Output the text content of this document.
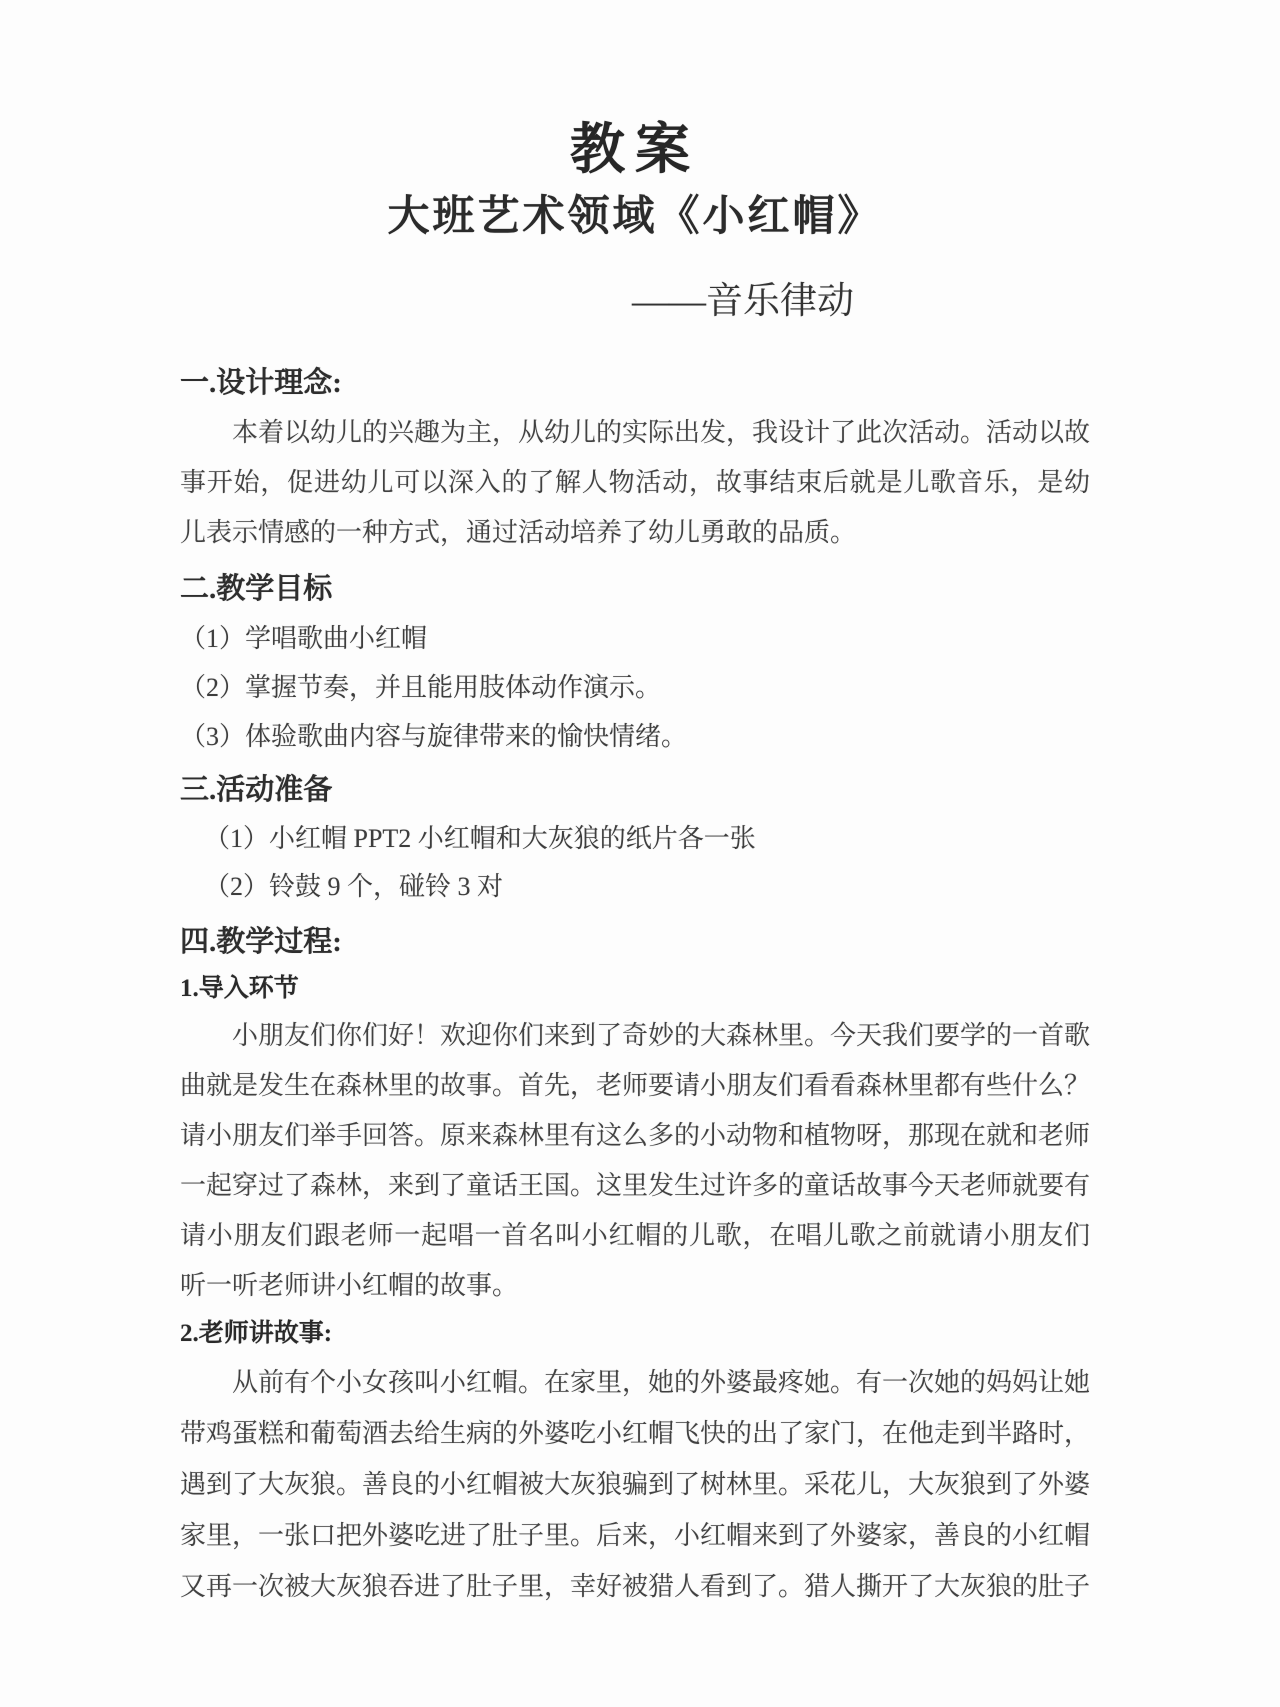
教案
大班艺术领域《小红帽》
——音乐律动
一.设计理念:

本着以幼儿的兴趣为主，从幼儿的实际出发，我设计了此次活动。活动以故
事开始，促进幼儿可以深入的了解人物活动，故事结束后就是儿歌音乐，是幼
儿表示情感的一种方式，通过活动培养了幼儿勇敢的品质。

二.教学目标
（1）学唱歌曲小红帽
（2）掌握节奏，并且能用肢体动作演示。
（3）体验歌曲内容与旋律带来的愉快情绪。
三.活动准备
（1）小红帽 PPT2 小红帽和大灰狼的纸片各一张
（2）铃鼓 9 个，碰铃 3 对
四.教学过程:
1.导入环节

小朋友们你们好！欢迎你们来到了奇妙的大森林里。今天我们要学的一首歌
曲就是发生在森林里的故事。首先，老师要请小朋友们看看森林里都有些什么？
请小朋友们举手回答。原来森林里有这么多的小动物和植物呀，那现在就和老师
一起穿过了森林，来到了童话王国。这里发生过许多的童话故事今天老师就要有
请小朋友们跟老师一起唱一首名叫小红帽的儿歌，在唱儿歌之前就请小朋友们
听一听老师讲小红帽的故事。

2.老师讲故事:

从前有个小女孩叫小红帽。在家里，她的外婆最疼她。有一次她的妈妈让她
带鸡蛋糕和葡萄酒去给生病的外婆吃小红帽飞快的出了家门，在他走到半路时，
遇到了大灰狼。善良的小红帽被大灰狼骗到了树林里。采花儿，大灰狼到了外婆
家里，一张口把外婆吃进了肚子里。后来，小红帽来到了外婆家，善良的小红帽
又再一次被大灰狼吞进了肚子里，幸好被猎人看到了。猎人撕开了大灰狼的肚子
